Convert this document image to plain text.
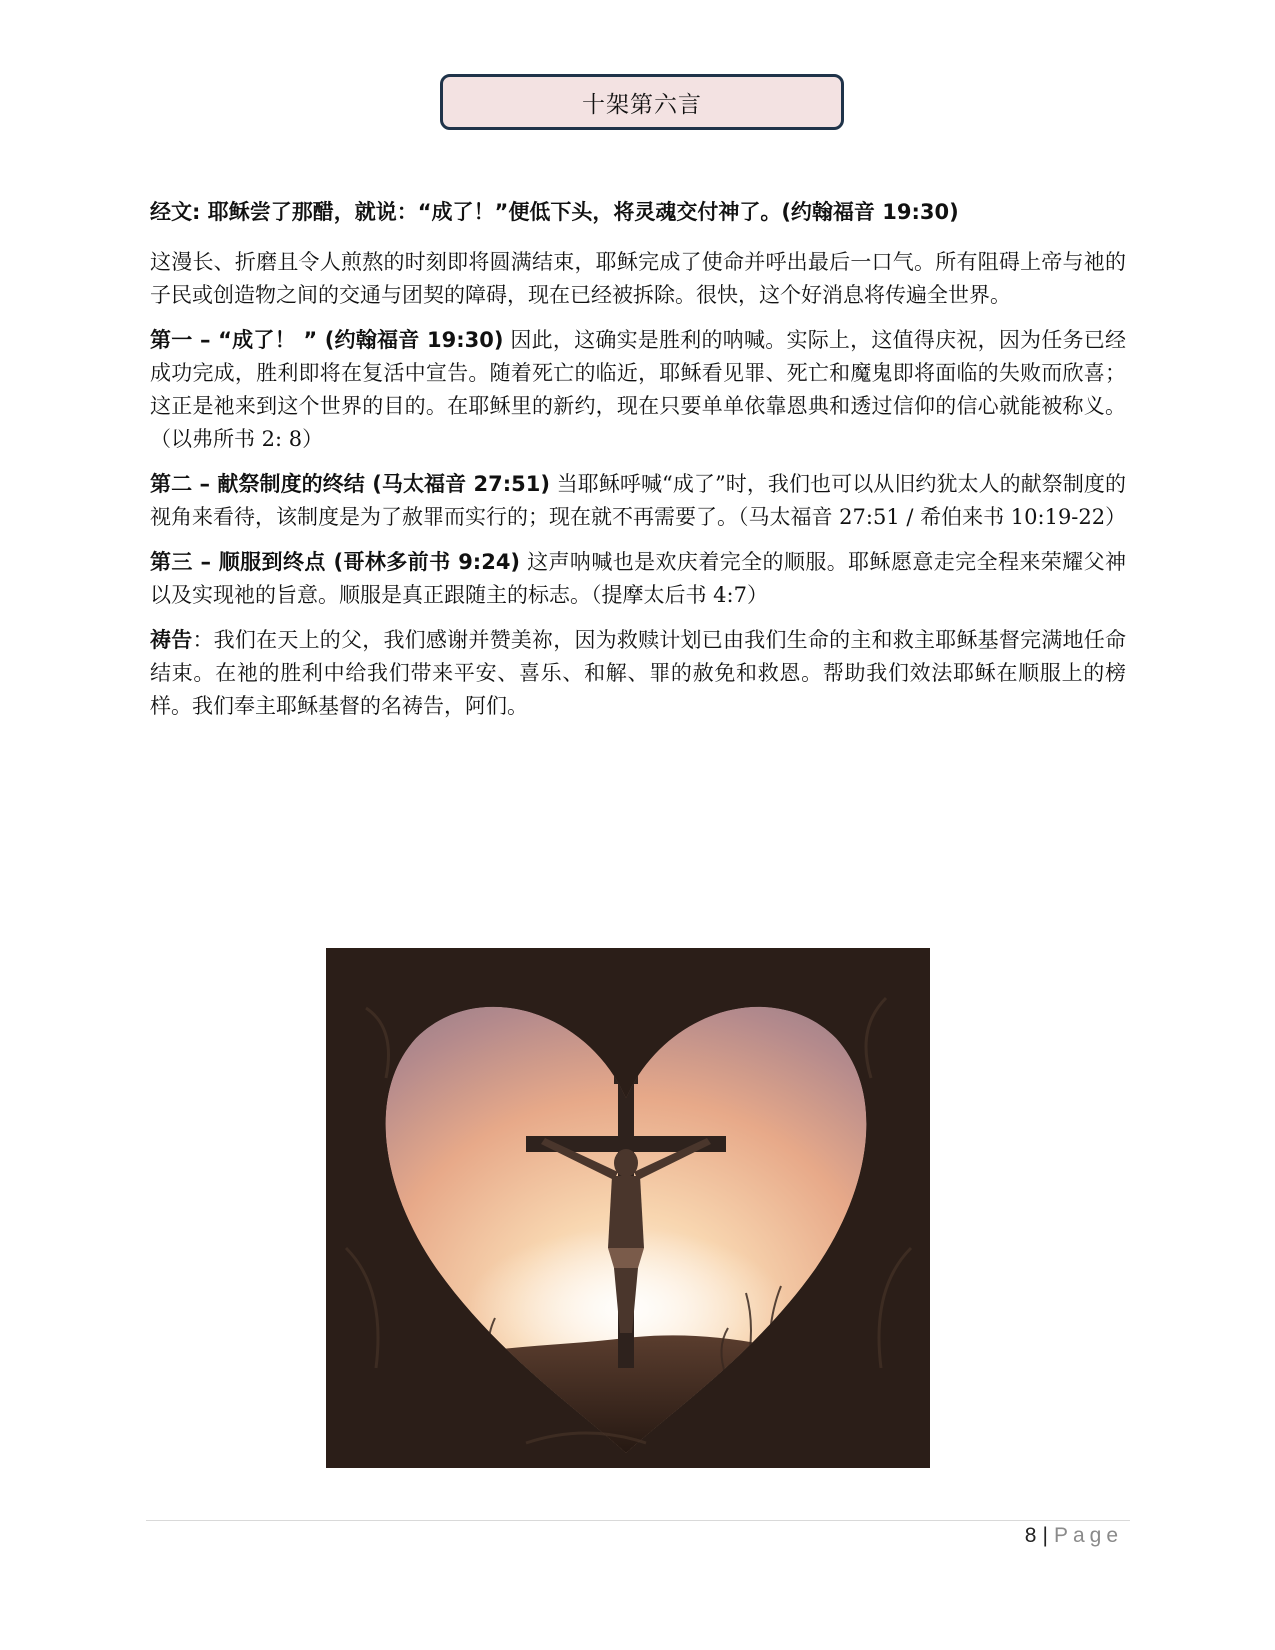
十架第六言

经文: 耶稣尝了那醋，就说：“成了！”便低下头，将灵魂交付神了。(约翰福音 19:30)

这漫长、折磨且令人煎熬的时刻即将圆满结束，耶稣完成了使命并呼出最后一口气。所有阻碍上帝与祂的子民或创造物之间的交通与团契的障碍，现在已经被拆除。很快，这个好消息将传遍全世界。

第一 – “成了！ ” (约翰福音 19:30) 因此，这确实是胜利的呐喊。实际上，这值得庆祝，因为任务已经成功完成，胜利即将在复活中宣告。随着死亡的临近，耶稣看见罪、死亡和魔鬼即将面临的失败而欣喜；这正是祂来到这个世界的目的。在耶稣里的新约，现在只要单单依靠恩典和透过信仰的信心就能被称义。（以弗所书 2: 8）

第二 – 献祭制度的终结 (马太福音 27:51) 当耶稣呼喊“成了”时，我们也可以从旧约犹太人的献祭制度的视角来看待，该制度是为了赦罪而实行的；现在就不再需要了。（马太福音 27:51 / 希伯来书 10:19-22）

第三 – 顺服到终点 (哥林多前书 9:24) 这声呐喊也是欢庆着完全的顺服。耶稣愿意走完全程来荣耀父神以及实现祂的旨意。顺服是真正跟随主的标志。（提摩太后书 4:7）

祷告：我们在天上的父，我们感谢并赞美祢，因为救赎计划已由我们生命的主和救主耶稣基督完满地任命结束。在祂的胜利中给我们带来平安、喜乐、和解、罪的赦免和救恩。帮助我们效法耶稣在顺服上的榜样。我们奉主耶稣基督的名祷告，阿们。

8 | Page
